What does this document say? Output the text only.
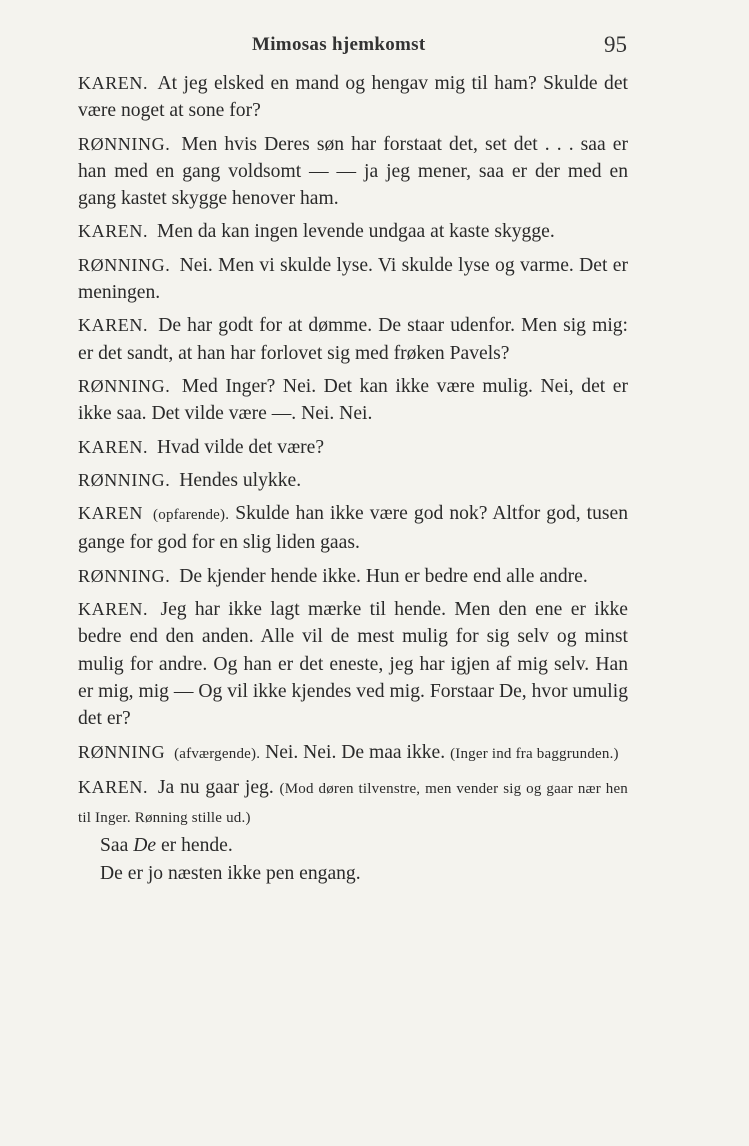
Mimosas hjemkomst	95

KAREN. At jeg elsked en mand og hengav mig til ham? Skulde det være noget at sone for?

RØNNING. Men hvis Deres søn har forstaat det, set det . . . saa er han med en gang voldsomt — — ja jeg mener, saa er der med en gang kastet skygge henover ham.

KAREN. Men da kan ingen levende undgaa at kaste skygge.

RØNNING. Nei. Men vi skulde lyse. Vi skulde lyse og varme. Det er meningen.

KAREN. De har godt for at dømme. De staar udenfor. Men sig mig: er det sandt, at han har forlovet sig med frøken Pavels?

RØNNING. Med Inger? Nei. Det kan ikke være mulig. Nei, det er ikke saa. Det vilde være —. Nei. Nei.

KAREN. Hvad vilde det være?

RØNNING. Hendes ulykke.

KAREN (opfarende). Skulde han ikke være god nok? Altfor god, tusen gange for god for en slig liden gaas.

RØNNING. De kjender hende ikke. Hun er bedre end alle andre.

KAREN. Jeg har ikke lagt mærke til hende. Men den ene er ikke bedre end den anden. Alle vil de mest mulig for sig selv og minst mulig for andre. Og han er det eneste, jeg har igjen af mig selv. Han er mig, mig — Og vil ikke kjendes ved mig. Forstaar De, hvor umulig det er?

RØNNING (afværgende). Nei. Nei. De maa ikke. (Inger ind fra baggrunden.)

KAREN. Ja nu gaar jeg. (Mod døren tilvenstre, men vender sig og gaar nær hen til Inger. Rønning stille ud.)
Saa De er hende.
De er jo næsten ikke pen engang.
